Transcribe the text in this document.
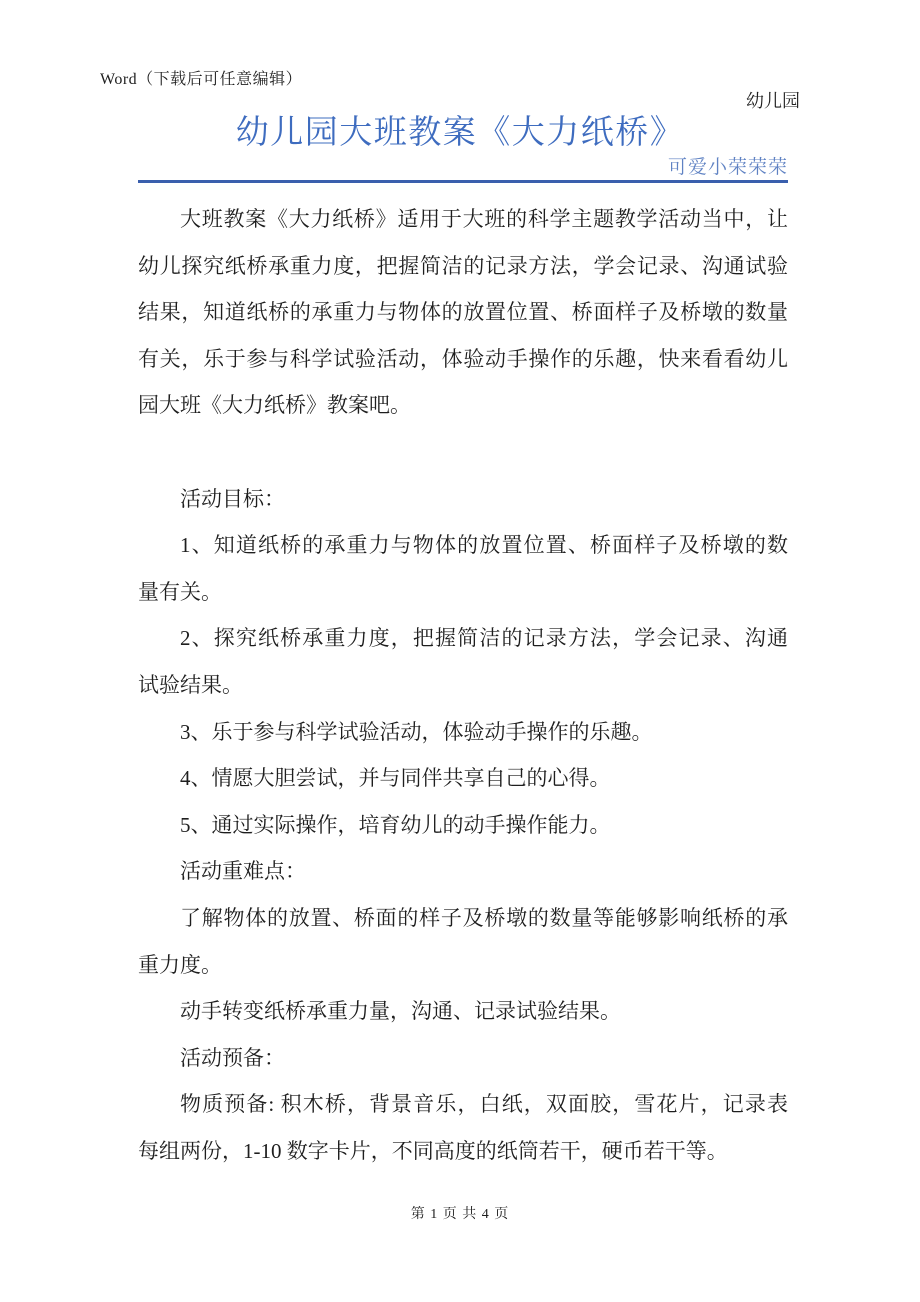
Word（下载后可任意编辑）
幼儿园
幼儿园大班教案《大力纸桥》
可爱小荣荣荣
大班教案《大力纸桥》适用于大班的科学主题教学活动当中，让
幼儿探究纸桥承重力度，把握简洁的记录方法，学会记录、沟通试验
结果，知道纸桥的承重力与物体的放置位置、桥面样子及桥墩的数量
有关，乐于参与科学试验活动，体验动手操作的乐趣，快来看看幼儿
园大班《大力纸桥》教案吧。

活动目标：
1、知道纸桥的承重力与物体的放置位置、桥面样子及桥墩的数
量有关。
2、探究纸桥承重力度，把握简洁的记录方法，学会记录、沟通
试验结果。
3、乐于参与科学试验活动，体验动手操作的乐趣。
4、情愿大胆尝试，并与同伴共享自己的心得。
5、通过实际操作，培育幼儿的动手操作能力。
活动重难点：
了解物体的放置、桥面的样子及桥墩的数量等能够影响纸桥的承
重力度。
动手转变纸桥承重力量，沟通、记录试验结果。
活动预备：
物质预备: 积木桥，背景音乐，白纸，双面胶，雪花片，记录表
每组两份，1-10 数字卡片，不同高度的纸筒若干，硬币若干等。
第 1 页 共 4 页
